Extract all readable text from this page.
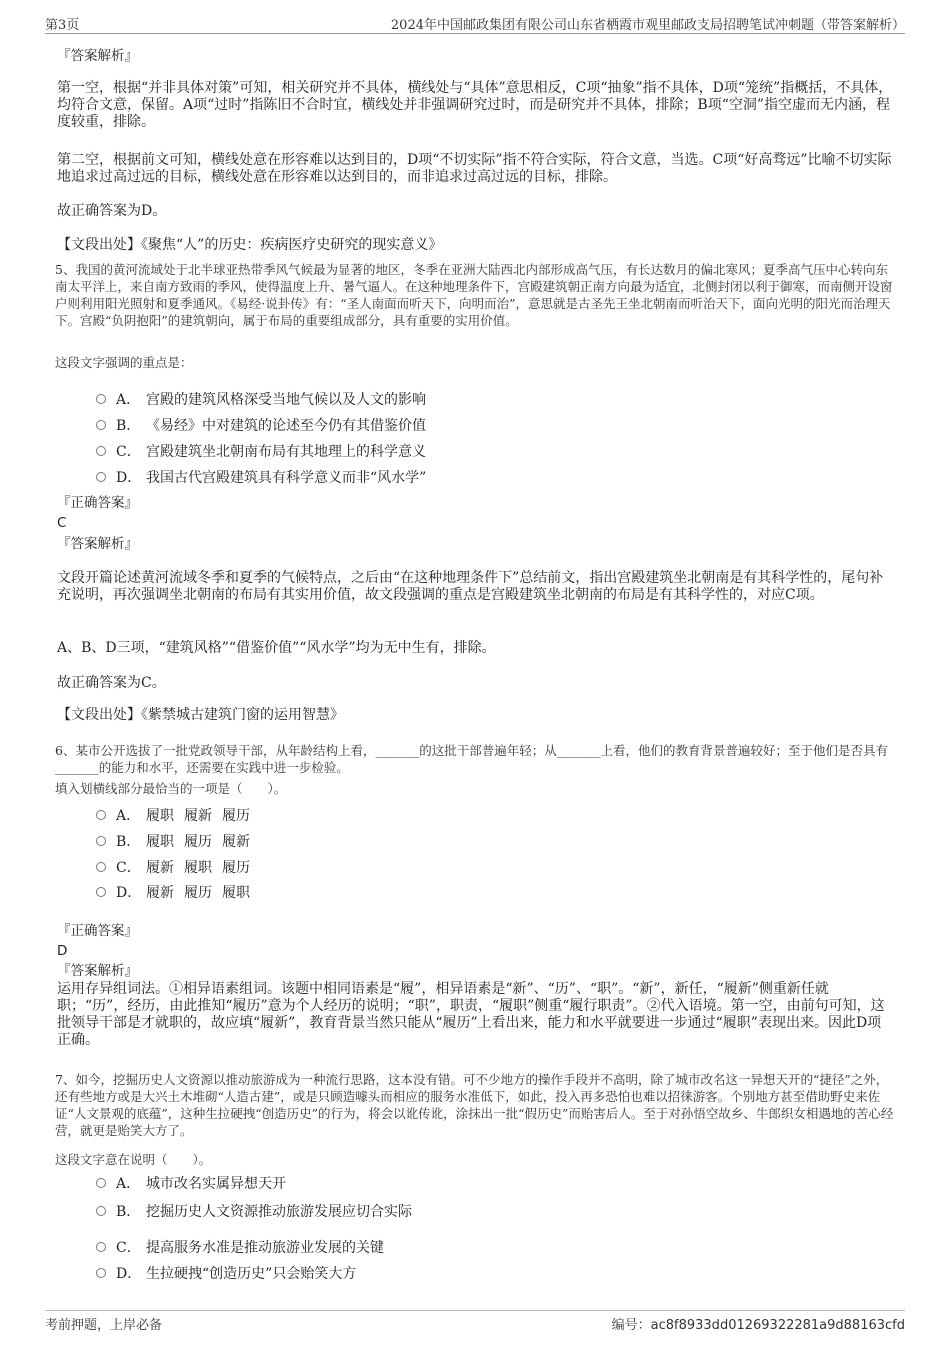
第3页	2024年中国邮政集团有限公司山东省栖霞市观里邮政支局招聘笔试冲刺题（带答案解析）
『答案解析』
第一空，根据“并非具体对策”可知，相关研究并不具体，横线处与“具体”意思相反，C项“抽象”指不具体，D项“笼统”指概括，不具体，均符合文意，保留。A项“过时”指陈旧不合时宜，横线处并非强调研究过时，而是研究并不具体，排除；B项“空洞”指空虚而无内涵，程度较重，排除。
第二空，根据前文可知，横线处意在形容难以达到目的，D项“不切实际”指不符合实际，符合文意，当选。C项“好高骛远”比喻不切实际地追求过高过远的目标，横线处意在形容难以达到目的，而非追求过高过远的目标，排除。
故正确答案为D。
【文段出处】《聚焦“人”的历史：疾病医疗史研究的现实意义》
5、我国的黄河流域处于北半球亚热带季风气候最为显著的地区，冬季在亚洲大陆西北内部形成高气压，有长达数月的偏北寒风；夏季高气压中心转向东南太平洋上，来自南方致雨的季风，使得温度上升、暑气逼人。在这种地理条件下，宫殿建筑朝正南方向最为适宜，北侧封闭以利于御寒，而南侧开设窗户则利用阳光照射和夏季通风。《易经·说卦传》有：“圣人南面而听天下，向明而治”，意思就是古圣先王坐北朝南而听治天下，面向光明的阳光而治理天下。宫殿“负阴抱阳”的建筑朝向，属于布局的重要组成部分，具有重要的实用价值。
这段文字强调的重点是：
A． 宫殿的建筑风格深受当地气候以及人文的影响
B． 《易经》中对建筑的论述至今仍有其借鉴价值
C． 宫殿建筑坐北朝南布局有其地理上的科学意义
D． 我国古代宫殿建筑具有科学意义而非“风水学”
『正确答案』
C
『答案解析』
文段开篇论述黄河流域冬季和夏季的气候特点，之后由“在这种地理条件下”总结前文，指出宫殿建筑坐北朝南是有其科学性的，尾句补充说明，再次强调坐北朝南的布局有其实用价值，故文段强调的重点是宫殿建筑坐北朝南的布局是有其科学性的，对应C项。
A、B、D三项，“建筑风格”“借鉴价值”“风水学”均为无中生有，排除。
故正确答案为C。
【文段出处】《紫禁城古建筑门窗的运用智慧》
6、某市公开选拔了一批党政领导干部，从年龄结构上看，_______的这批干部普遍年轻；从_______上看，他们的教育背景普遍较好；至于他们是否具有_______的能力和水平，还需要在实践中进一步检验。
填入划横线部分最恰当的一项是（　　）。
A． 履职 履新 履历
B． 履职 履历 履新
C． 履新 履职 履历
D． 履新 履历 履职
『正确答案』
D
『答案解析』
运用存异组词法。①相异语素组词。该题中相同语素是“履”，相异语素是“新”、“历”、“职”。“新”，新任，“履新”侧重新任就职；“历”，经历，由此推知“履历”意为个人经历的说明；“职”，职责，“履职”侧重“履行职责”。②代入语境。第一空，由前句可知，这批领导干部是才就职的，故应填“履新”，教育背景当然只能从“履历”上看出来，能力和水平就要进一步通过“履职”表现出来。因此D项正确。
7、如今，挖掘历史人文资源以推动旅游成为一种流行思路，这本没有错。可不少地方的操作手段并不高明，除了城市改名这一异想天开的“捷径”之外，还有些地方或是大兴土木堆砌“人造古建”，或是只顾造噱头而相应的服务水准低下，如此，投入再多恐怕也难以招徕游客。个别地方甚至借助野史来佐证“人文景观的底蕴”，这种生拉硬拽“创造历史”的行为，将会以讹传讹，涂抹出一批“假历史”而贻害后人。至于对孙悟空故乡、牛郎织女相遇地的苦心经营，就更是贻笑大方了。
这段文字意在说明（　　）。
A． 城市改名实属异想天开
B． 挖掘历史人文资源推动旅游发展应切合实际
C． 提高服务水准是推动旅游业发展的关键
D． 生拉硬拽“创造历史”只会贻笑大方
考前押题，上岸必备	编号：ac8f8933dd01269322281a9d88163cfd
